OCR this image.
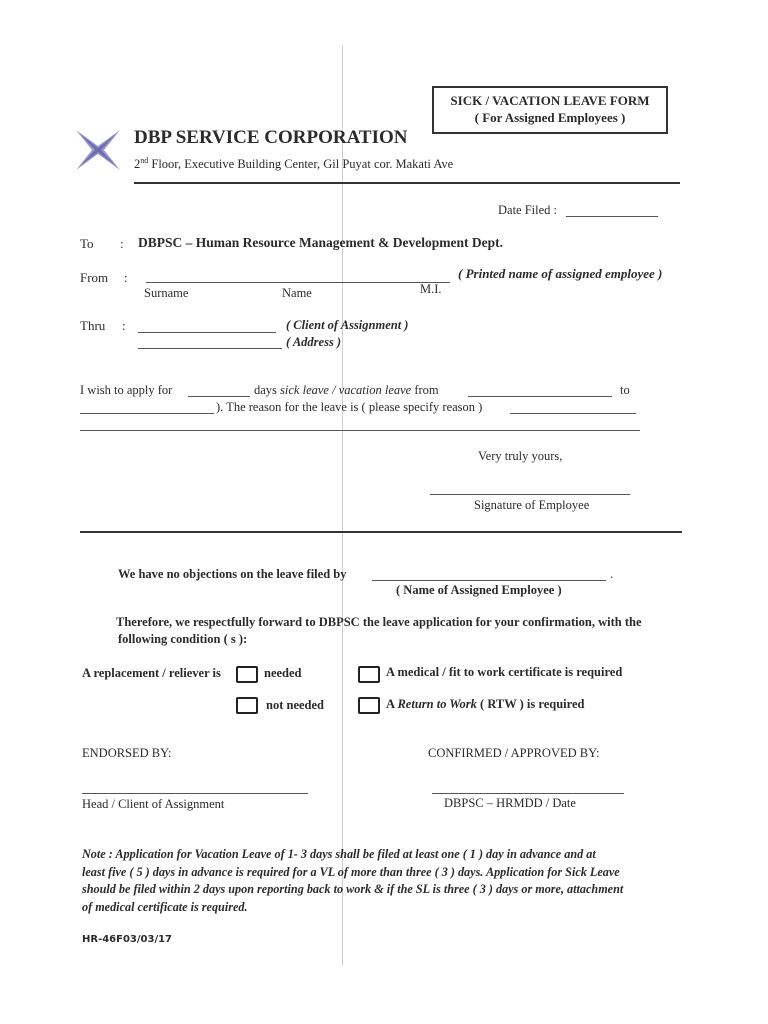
SICK / VACATION LEAVE FORM
( For Assigned Employees )
DBP SERVICE CORPORATION
2nd Floor, Executive Building Center, Gil Puyat cor. Makati Ave
Date Filed :
To : DBPSC – Human Resource Management & Development Dept.
From :	( Printed name of assigned employee )
Surname	Name	M.I.
Thru :	( Client of Assignment )
( Address )
I wish to apply for	days sick leave / vacation leave from	to
). The reason for the leave is ( please specify reason )
Very truly yours,
Signature of Employee
We have no objections on the leave filed by	.
( Name of Assigned Employee )
Therefore, we respectfully forward to DBPSC the leave application for your confirmation, with the
following condition ( s ):
A replacement / reliever is	needed	A medical / fit to work certificate is required
not needed	A Return to Work ( RTW ) is required
ENDORSED BY:	CONFIRMED / APPROVED BY:
Head / Client of Assignment	DBPSC – HRMDD / Date
Note : Application for Vacation Leave of 1- 3 days shall be filed at least one ( 1 ) day in advance and at
least five ( 5 ) days in advance is required for a VL of more than three ( 3 ) days. Application for Sick Leave
should be filed within 2 days upon reporting back to work & if the SL is three ( 3 ) days or more, attachment
of medical certificate is required.
HR-46F03/03/17
